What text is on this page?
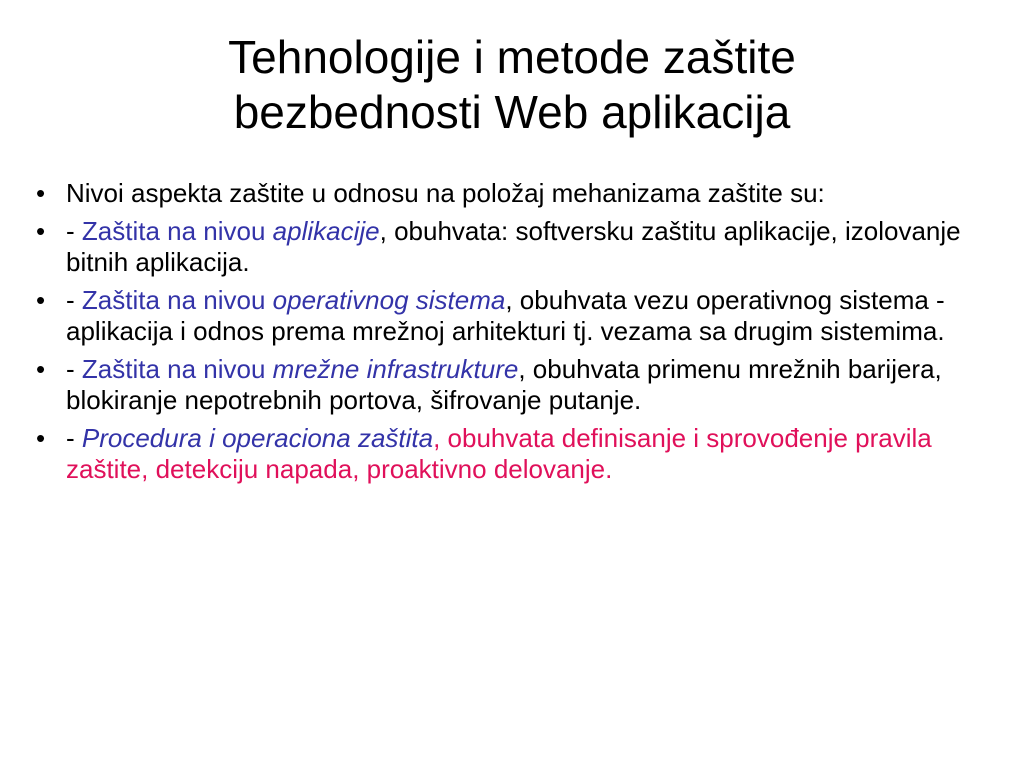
Tehnologije i metode zaštite
bezbednosti Web aplikacija
• Nivoi aspekta zaštite u odnosu na položaj mehanizama zaštite su:
• - Zaštita na nivou aplikacije, obuhvata: softversku zaštitu aplikacije, izolovanje bitnih aplikacija.
• - Zaštita na nivou operativnog sistema, obuhvata vezu operativnog sistema - aplikacija i odnos prema mrežnoj arhitekturi tj. vezama sa drugim sistemima.
• - Zaštita na nivou mrežne infrastrukture, obuhvata primenu mrežnih barijera, blokiranje nepotrebnih portova, šifrovanje putanje.
• - Procedura i operaciona zaštita, obuhvata definisanje i sprovođenje pravila zaštite, detekciju napada, proaktivno delovanje.
